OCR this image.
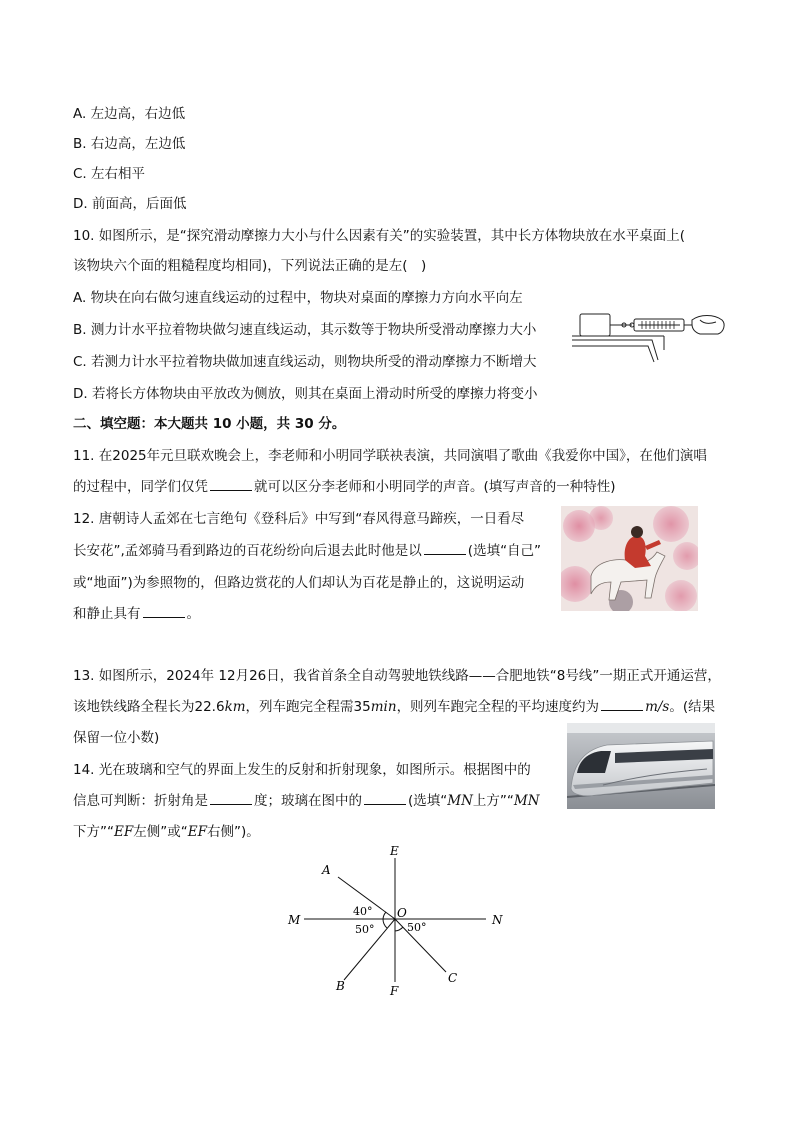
A. 左边高，右边低
B. 右边高，左边低
C. 左右相平
D. 前面高，后面低
10. 如图所示，是“探究滑动摩擦力大小与什么因素有关”的实验装置，其中长方体物块放在水平桌面上(
该物块六个面的粗糙程度均相同)，下列说法正确的是左(　)
A. 物块在向右做匀速直线运动的过程中，物块对桌面的摩擦力方向水平向左
B. 测力计水平拉着物块做匀速直线运动，其示数等于物块所受滑动摩擦力大小
C. 若测力计水平拉着物块做加速直线运动，则物块所受的滑动摩擦力不断增大
D. 若将长方体物块由平放改为侧放，则其在桌面上滑动时所受的摩擦力将变小
二、填空题：本大题共 10 小题，共 30 分。
11. 在2025年元旦联欢晚会上，李老师和小明同学联袂表演，共同演唱了歌曲《我爱你中国》，在他们演唱
的过程中，同学们仅凭	就可以区分李老师和小明同学的声音。(填写声音的一种特性)
12. 唐朝诗人孟郊在七言绝句《登科后》中写到“春风得意马蹄疾，一日看尽
长安花”,孟郊骑马看到路边的百花纷纷向后退去此时他是以	(选填“自己”
或“地面”)为参照物的，但路边赏花的人们却认为百花是静止的，这说明运动
和静止具有	。
13. 如图所示，2024年 12月26日，我省首条全自动驾驶地铁线路——合肥地铁“8号线”一期正式开通运营，
该地铁线路全程长为22.6km，列车跑完全程需35min，则列车跑完全程的平均速度约为	m/s。(结果
保留一位小数)
14. 光在玻璃和空气的界面上发生的反射和折射现象，如图所示。根据图中的
信息可判断：折射角是	度；玻璃在图中的	(选填“MN上方”“MN
下方”“EF左侧”或“EF右侧”)。
E
F
M	N
O
A
B
C
40°
50°	50°
